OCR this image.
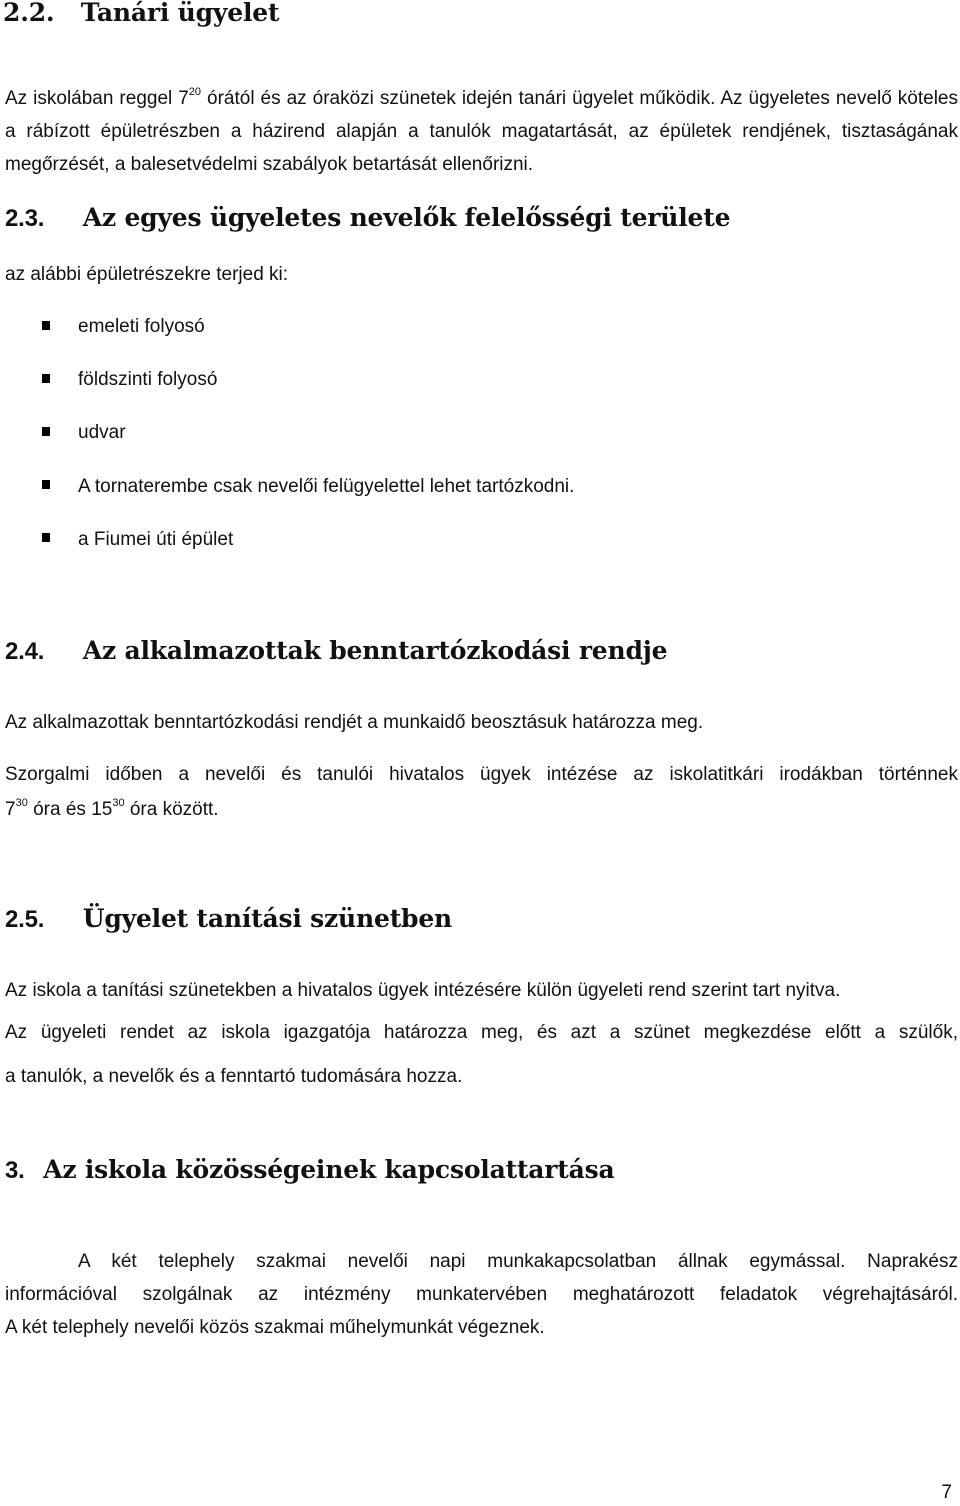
2.2. Tanári ügyelet
Az iskolában reggel $7^{20}$ órától és az óraközi szünetek idején tanári ügyelet működik. Az ügyeletes nevelő köteles a rábízott épületrészben a házirend alapján a tanulók magatartását, az épületek rendjének, tisztaságának megőrzését, a balesetvédelmi szabályok betartását ellenőrizni.
2.3. Az egyes ügyeletes nevelők felelősségi területe
az alábbi épületrészekre terjed ki:
emeleti folyosó
földszinti folyosó
udvar
A tornaterembe csak nevelői felügyelettel lehet tartózkodni.
a Fiumei úti épület
2.4. Az alkalmazottak benntartózkodási rendje
Az alkalmazottak benntartózkodási rendjét a munkaidő beosztásuk határozza meg.
Szorgalmi időben a nevelői és tanulói hivatalos ügyek intézése az iskolatitkári irodákban történnek
$7^{30}$ óra és $15^{30}$ óra között.
2.5. Ügyelet tanítási szünetben
Az iskola a tanítási szünetekben a hivatalos ügyek intézésére külön ügyeleti rend szerint tart nyitva.
Az ügyeleti rendet az iskola igazgatója határozza meg, és azt a szünet megkezdése előtt a szülők,
a tanulók, a nevelők és a fenntartó tudomására hozza.
3. Az iskola közösségeinek kapcsolattartása
A két telephely szakmai nevelői napi munkakapcsolatban állnak egymással. Naprakész
információval szolgálnak az intézmény munkatervében meghatározott feladatok végrehajtásáról.
A két telephely nevelői közös szakmai műhelymunkát végeznek.
7
